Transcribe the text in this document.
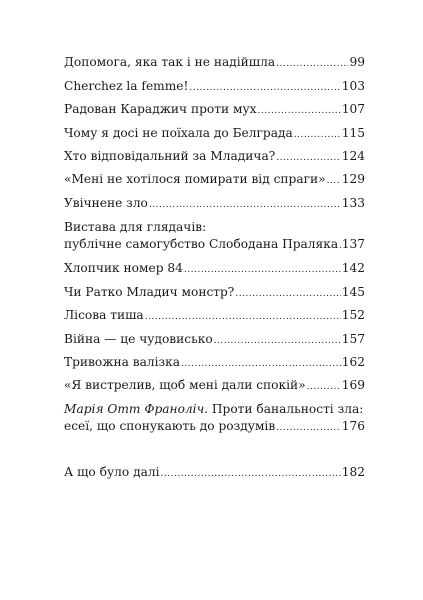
Допомога, яка так і не надійшла .....	99
Cherchez la femme! .....	103
Радован Караджич проти мух .....	107
Чому я досі не поїхала до Белграда .....	115
Хто відповідальний за Младича? .....	124
«Мені не хотілося помирати від спраги» ..... 129
Увічнене зло .....	133
Вистава для глядачів:
публічне самогубство Слободана Праляка ..... 137
Хлопчик номер 84 .....	142
Чи Ратко Младич монстр? .....	145
Лісова тиша .....	152
Війна — це чудовисько .....	157
Тривожна валізка .....	162
«Я вистрелив, щоб мені дали спокій» .....	169
Марія Отт Франоліч. Проти банальності зла:
есеї, що спонукають до роздумів .....	176
А що було далі .....	182
